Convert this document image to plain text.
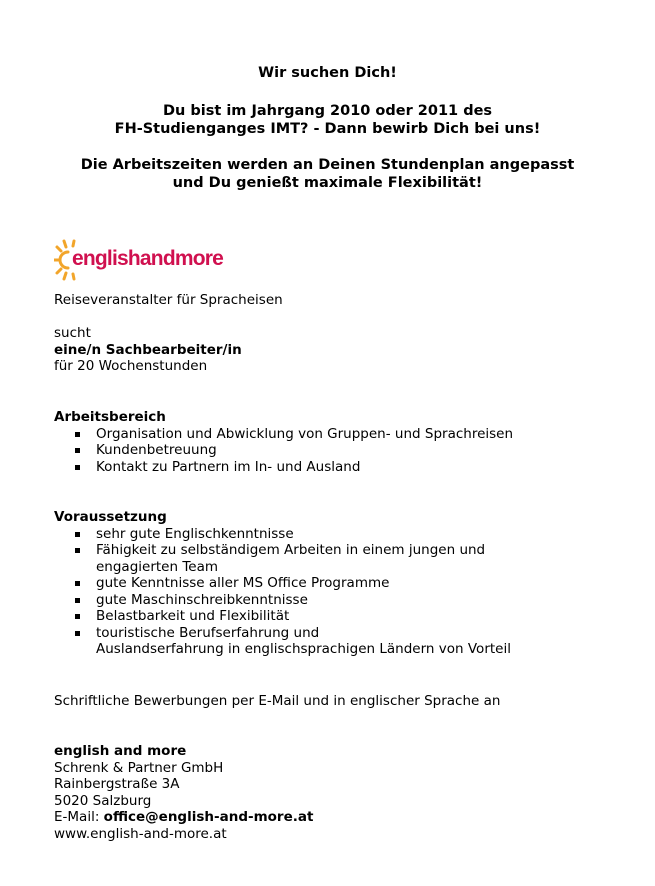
Wir suchen Dich!
Du bist im Jahrgang 2010 oder 2011 des
FH-Studienganges IMT? - Dann bewirb Dich bei uns!
Die Arbeitszeiten werden an Deinen Stundenplan angepasst
und Du genießt maximale Flexibilität!
englishandmore
Reiseveranstalter für Spracheisen
sucht
eine/n Sachbearbeiter/in
für 20 Wochenstunden
Arbeitsbereich
Organisation und Abwicklung von Gruppen- und Sprachreisen
Kundenbetreuung
Kontakt zu Partnern im In- und Ausland
Voraussetzung
sehr gute Englischkenntnisse
Fähigkeit zu selbständigem Arbeiten in einem jungen und
engagierten Team
gute Kenntnisse aller MS Office Programme
gute Maschinschreibkenntnisse
Belastbarkeit und Flexibilität
touristische Berufserfahrung und
Auslandserfahrung in englischsprachigen Ländern von Vorteil
Schriftliche Bewerbungen per E-Mail und in englischer Sprache an
english and more
Schrenk & Partner GmbH
Rainbergstraße 3A
5020 Salzburg
E-Mail: office@english-and-more.at
www.english-and-more.at
